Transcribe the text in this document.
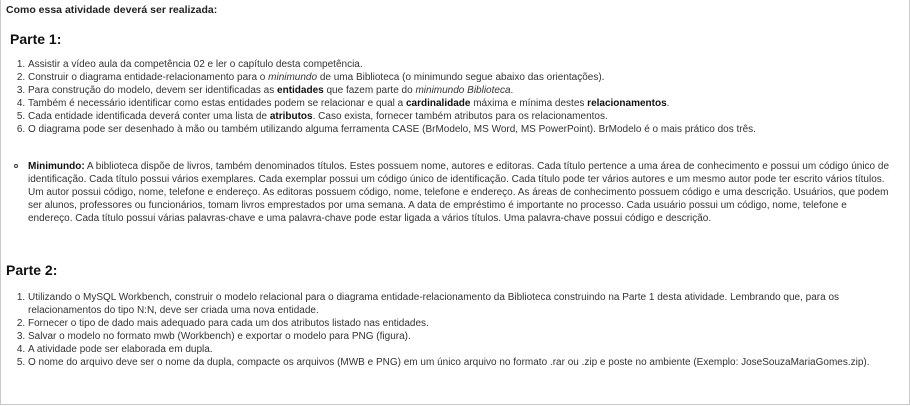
Como essa atividade deverá ser realizada:
Parte 1:
1. Assistir a vídeo aula da competência 02 e ler o capítulo desta competência.
2. Construir o diagrama entidade-relacionamento para o minimundo de uma Biblioteca (o minimundo segue abaixo das orientações).
3. Para construção do modelo, devem ser identificadas as entidades que fazem parte do minimundo Biblioteca.
4. Também é necessário identificar como estas entidades podem se relacionar e qual a cardinalidade máxima e mínima destes relacionamentos.
5. Cada entidade identificada deverá conter uma lista de atributos. Caso exista, fornecer também atributos para os relacionamentos.
6. O diagrama pode ser desenhado à mão ou também utilizando alguma ferramenta CASE (BrModelo, MS Word, MS PowerPoint). BrModelo é o mais prático dos três.
Minimundo: A biblioteca dispõe de livros, também denominados títulos. Estes possuem nome, autores e editoras. Cada título pertence a uma área de conhecimento e possui um código único de identificação. Cada título possui vários exemplares. Cada exemplar possui um código único de identificação. Cada título pode ter vários autores e um mesmo autor pode ter escrito vários títulos. Um autor possui código, nome, telefone e endereço. As editoras possuem código, nome, telefone e endereço. As áreas de conhecimento possuem código e uma descrição. Usuários, que podem ser alunos, professores ou funcionários, tomam livros emprestados por uma semana. A data de empréstimo é importante no processo. Cada usuário possui um código, nome, telefone e endereço. Cada título possui várias palavras-chave e uma palavra-chave pode estar ligada a vários títulos. Uma palavra-chave possui código e descrição.
Parte 2:
1. Utilizando o MySQL Workbench, construir o modelo relacional para o diagrama entidade-relacionamento da Biblioteca construindo na Parte 1 desta atividade. Lembrando que, para os relacionamentos do tipo N:N, deve ser criada uma nova entidade.
2. Fornecer o tipo de dado mais adequado para cada um dos atributos listado nas entidades.
3. Salvar o modelo no formato mwb (Workbench) e exportar o modelo para PNG (figura).
4. A atividade pode ser elaborada em dupla.
5. O nome do arquivo deve ser o nome da dupla, compacte os arquivos (MWB e PNG) em um único arquivo no formato .rar ou .zip e poste no ambiente (Exemplo: JoseSouzaMariaGomes.zip).
